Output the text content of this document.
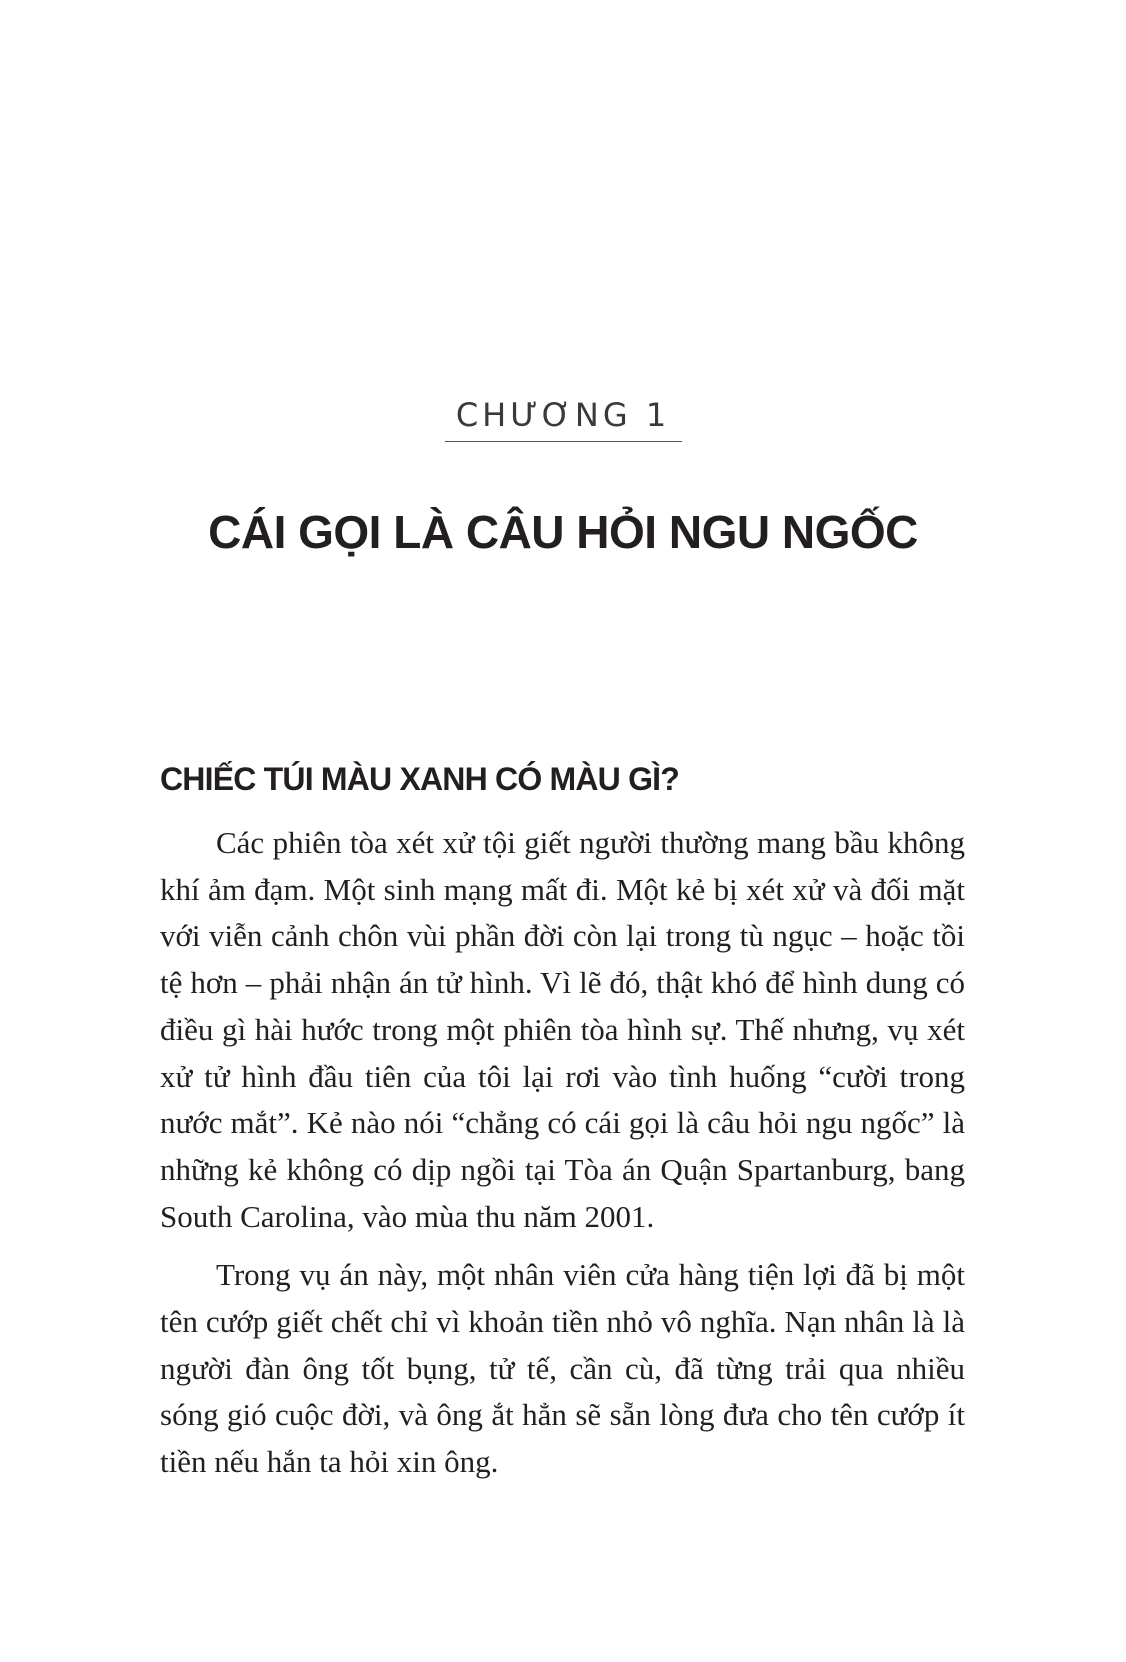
CHƯƠNG 1
CÁI GỌI LÀ CÂU HỎI NGU NGỐC
CHIẾC TÚI MÀU XANH CÓ MÀU GÌ?

Các phiên tòa xét xử tội giết người thường mang bầu không khí ảm đạm. Một sinh mạng mất đi. Một kẻ bị xét xử và đối mặt với viễn cảnh chôn vùi phần đời còn lại trong tù ngục – hoặc tồi tệ hơn – phải nhận án tử hình. Vì lẽ đó, thật khó để hình dung có điều gì hài hước trong một phiên tòa hình sự. Thế nhưng, vụ xét xử tử hình đầu tiên của tôi lại rơi vào tình huống “cười trong nước mắt”. Kẻ nào nói “chẳng có cái gọi là câu hỏi ngu ngốc” là những kẻ không có dịp ngồi tại Tòa án Quận Spartanburg, bang South Carolina, vào mùa thu năm 2001.

Trong vụ án này, một nhân viên cửa hàng tiện lợi đã bị một tên cướp giết chết chỉ vì khoản tiền nhỏ vô nghĩa. Nạn nhân là là người đàn ông tốt bụng, tử tế, cần cù, đã từng trải qua nhiều sóng gió cuộc đời, và ông ắt hẳn sẽ sẵn lòng đưa cho tên cướp ít tiền nếu hắn ta hỏi xin ông.
